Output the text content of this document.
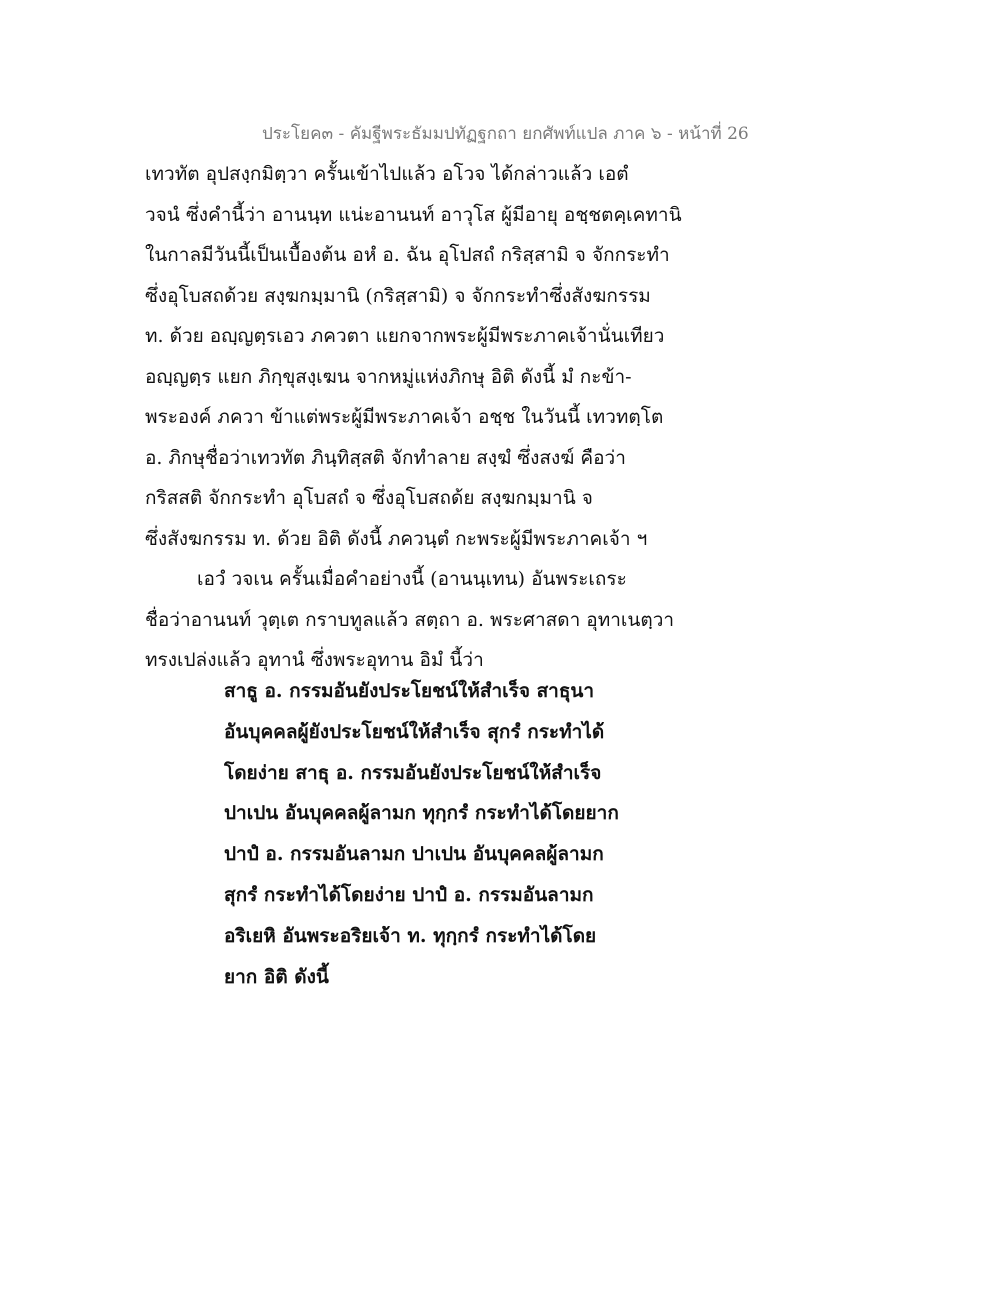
ประโยค๓ - คัมฐีพระธัมมปทัฏฐกถา ยกศัพท์แปล ภาค ๖ - หน้าที่ 26
เทวทัต อุปสงฺกมิตฺวา ครั้นเข้าไปแล้ว อโวจ ได้กล่าวแล้ว เอตํ
วจนํ ซึ่งคำนี้ว่า อานนฺท แน่ะอานนท์ อาวุโส ผู้มีอายุ อชฺชตคฺเคทานิ
ในกาลมีวันนี้เป็นเบื้องต้น อหํ อ. ฉัน อุโปสถํ กริสฺสามิ จ จักกระทำ
ซึ่งอุโบสถด้วย สงฺฆกมฺมานิ (กริสฺสามิ) จ จักกระทำซึ่งสังฆกรรม
ท. ด้วย อญฺญตฺรเอว ภควตา แยกจากพระผู้มีพระภาคเจ้านั่นเทียว
อญฺญตฺร แยก ภิกฺขุสงฺเฆน จากหมู่แห่งภิกษุ อิติ ดังนี้ มํ กะข้า-
พระองค์ ภควา ข้าแต่พระผู้มีพระภาคเจ้า อชฺช ในวันนี้ เทวทตฺโต
อ. ภิกษุชื่อว่าเทวทัต ภินฺทิสฺสติ จักทำลาย สงฺฆํ ซึ่งสงฆ์ คือว่า
กริสสติ จักกระทำ อุโบสถํ จ ซึ่งอุโบสถด้ย สงฺฆกมฺมานิ จ
ซึ่งสังฆกรรม ท. ด้วย อิติ ดังนี้ ภควนฺตํ กะพระผู้มีพระภาคเจ้า ฯ
เอวํ วจเน ครั้นเมื่อคำอย่างนี้ (อานนฺเทน) อันพระเถระ
ชื่อว่าอานนท์ วุตฺเต กราบทูลแล้ว สตฺถา อ. พระศาสดา อุทาเนตฺวา
ทรงเปล่งแล้ว อุทานํ ซึ่งพระอุทาน อิมํ นี้ว่า
สาธู อ. กรรมอันยังประโยชน์ให้สำเร็จ สาธุนา
อันบุคคลผู้ยังประโยชน์ให้สำเร็จ สุกรํ กระทำได้
โดยง่าย สาธุ อ. กรรมอันยังประโยชน์ให้สำเร็จ
ปาเปน อันบุคคลผู้ลามก ทุกฺกรํ กระทำได้โดยยาก
ปาปํ อ. กรรมอันลามก ปาเปน อันบุคคลผู้ลามก
สุกรํ กระทำได้โดยง่าย ปาปํ อ. กรรมอันลามก
อริเยหิ อันพระอริยเจ้า ท. ทุกฺกรํ กระทำได้โดย
ยาก อิติ ดังนี้
